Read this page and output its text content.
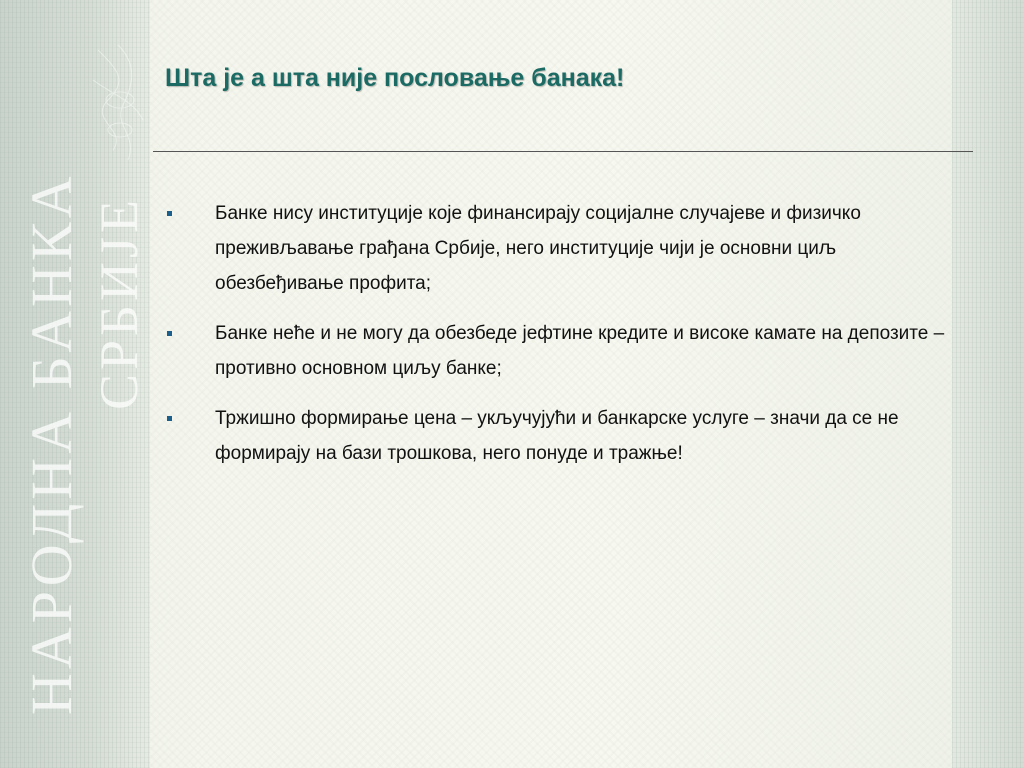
НАРОДНА БАНКА СРБИЈЕ
Шта је а шта није пословање банака!
Банке нису институције које финансирају социјалне случајеве и физичко преживљавање грађана Србије, него институције чији је основни циљ обезбеђивање профита;
Банке неће и не могу да обезбеде јефтине кредите и високе камате на депозите – противно основном циљу банке;
Тржишно формирање цена – укључујући и банкарске услуге – значи да се не формирају на бази трошкова, него понуде и тражње!
